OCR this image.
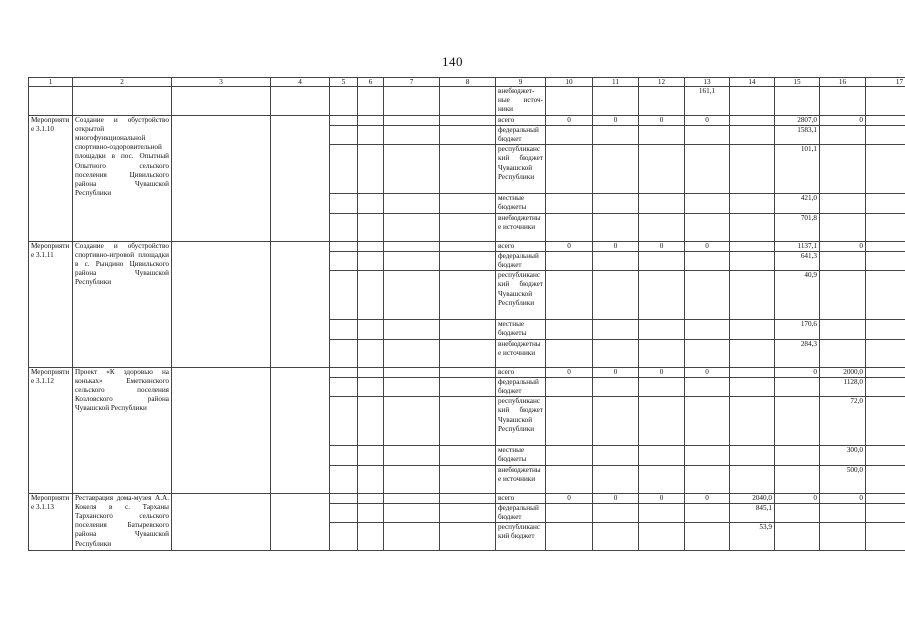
140
1	2	3	4	5	6	7	8	9	10	11	12	13	14	15	16	17
								внебюджет-ные источ-ники				161,1				
Мероприятие 3.1.10	Создание и обустройство открытой многофункциональной спортивно-оздоровительной площадки в пос. Опытный Опытного сельского поселения Цивильского района Чувашской Республики							всего	0	0	0	0		2807,0	0	
								федеральный бюджет						1583,1		
								республиканский бюджет Чувашской Республики						101,1		
								местные бюджеты						421,0		
								внебюджетные источники						701,8		
Мероприятие 3.1.11	Создание и обустройство спортивно-игровой площадки в с. Рындино Цивильского района Чувашской Республики							всего	0	0	0	0		1137,1	0	
								федеральный бюджет						641,3		
								республиканский бюджет Чувашской Республики						40,9		
								местные бюджеты						170,6		
								внебюджетные источники						284,3		
Мероприятие 3.1.12	Проект «К здоровью на коньках» Еметкинского сельского поселения Козловского района Чувашской Республики							всего	0	0	0	0		0	2000,0	
								федеральный бюджет							1128,0	
								республиканский бюджет Чувашской Республики							72,0	
								местные бюджеты							300,0	
								внебюджетные источники							500,0	
Мероприятие 3.1.13	Реставрация дома-музея А.А. Кокеля в с. Тарханы Тарханского сельского поселения Батыревского района Чувашской Республики							всего	0	0	0	0	2040,0	0	0	
								федеральный бюджет					845,1			
								республиканский бюджет					53,9			
